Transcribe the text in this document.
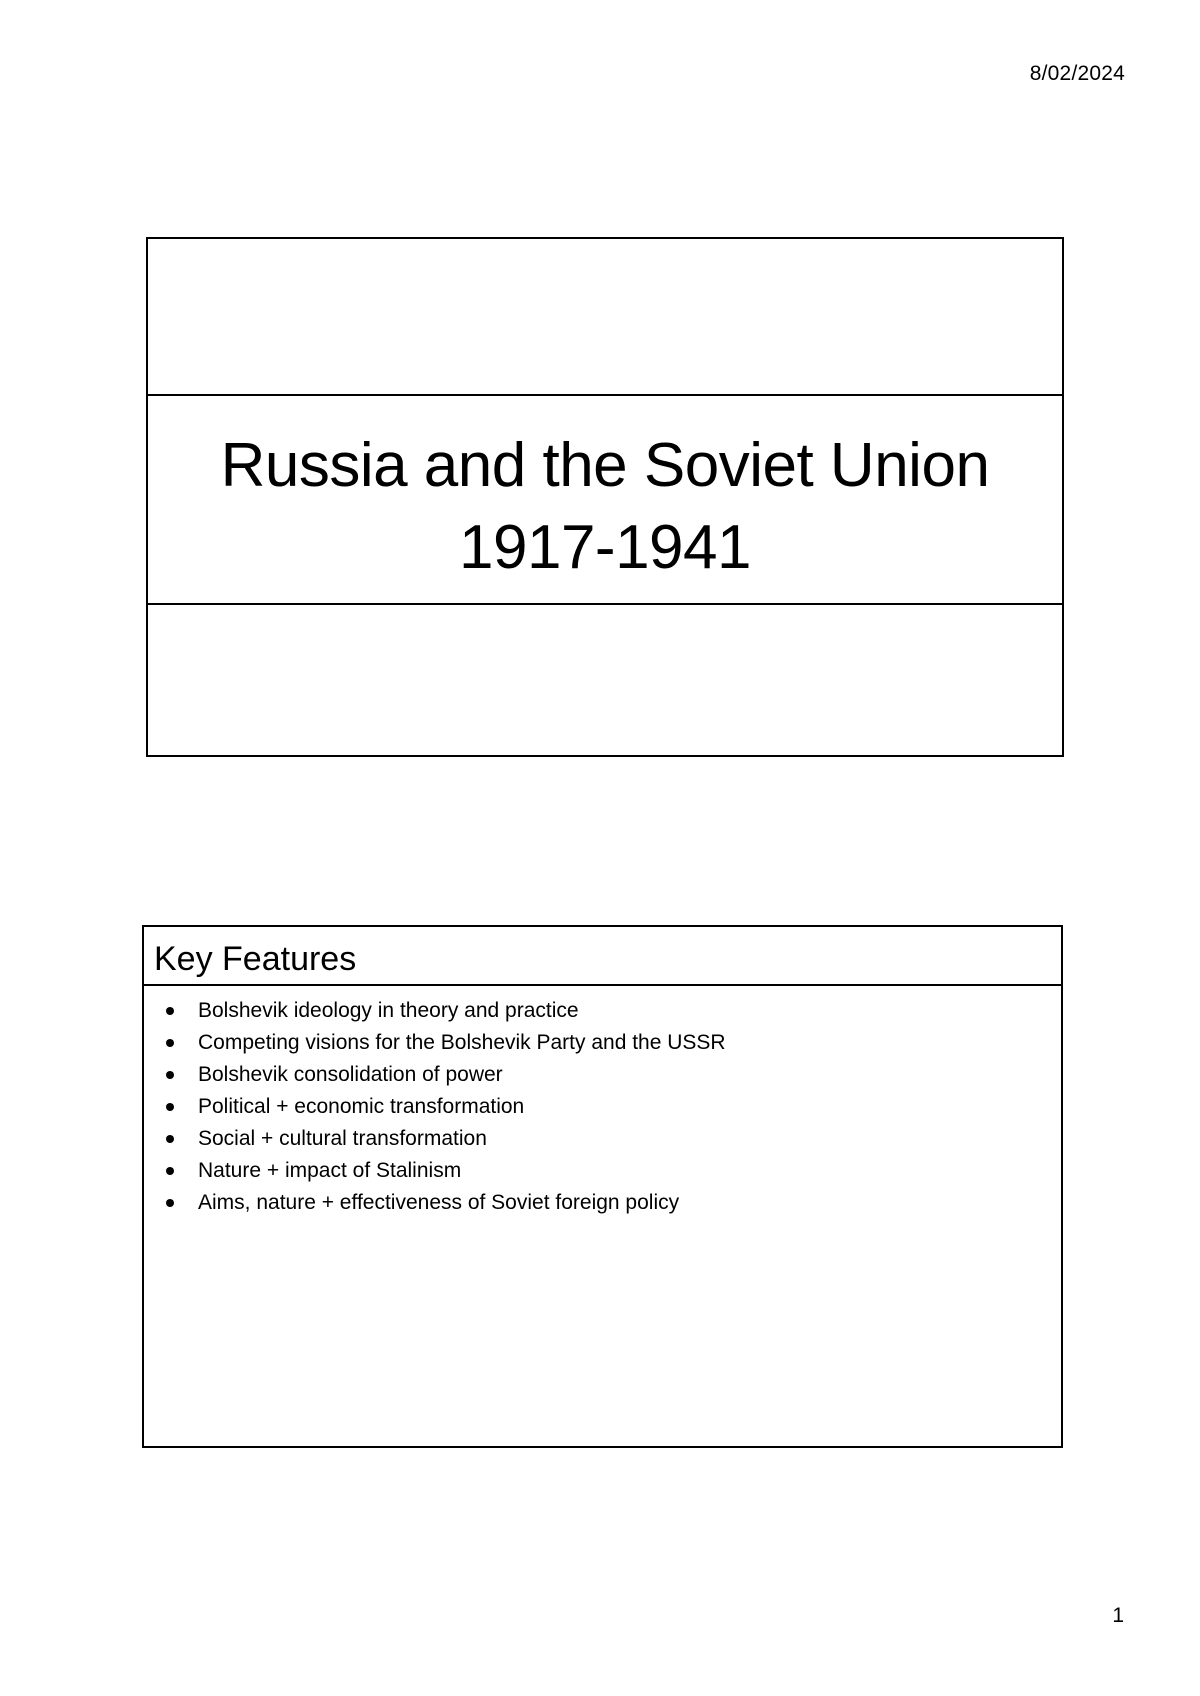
8/02/2024
Russia and the Soviet Union
1917-1941
Key Features
Bolshevik ideology in theory and practice
Competing visions for the Bolshevik Party and the USSR
Bolshevik consolidation of power
Political + economic transformation
Social + cultural transformation
Nature + impact of Stalinism
Aims, nature + effectiveness of Soviet foreign policy
1
